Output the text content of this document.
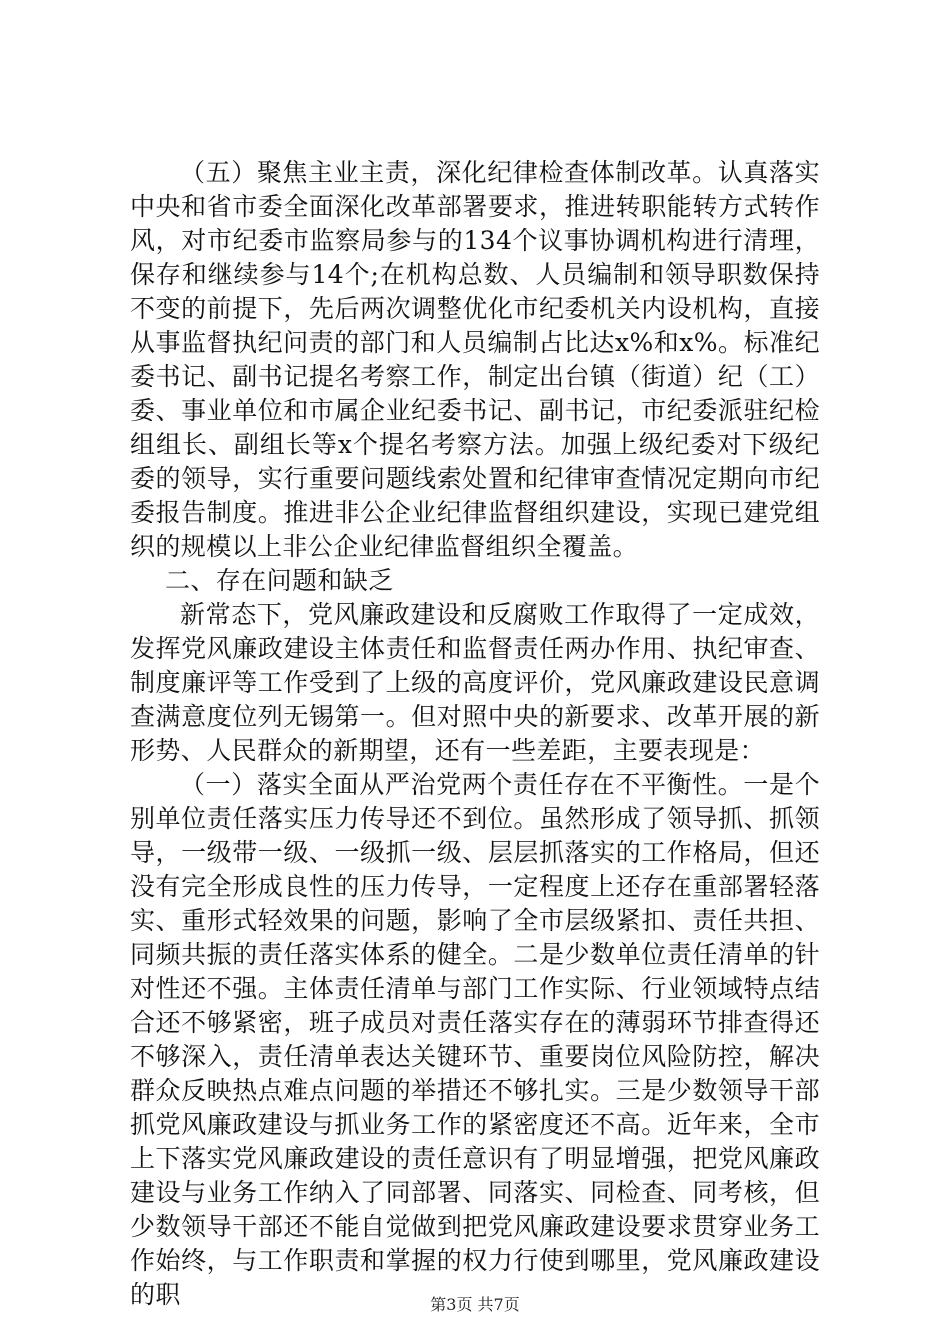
（五）聚焦主业主责，深化纪律检查体制改革。认真落实中央和省市委全面深化改革部署要求，推进转职能转方式转作风，对市纪委市监察局参与的134个议事协调机构进行清理，保存和继续参与14个;在机构总数、人员编制和领导职数保持不变的前提下，先后两次调整优化市纪委机关内设机构，直接从事监督执纪问责的部门和人员编制占比达x%和x%。标准纪委书记、副书记提名考察工作，制定出台镇（街道）纪（工）委、事业单位和市属企业纪委书记、副书记，市纪委派驻纪检组组长、副组长等x个提名考察方法。加强上级纪委对下级纪委的领导，实行重要问题线索处置和纪律审查情况定期向市纪委报告制度。推进非公企业纪律监督组织建设，实现已建党组织的规模以上非公企业纪律监督组织全覆盖。

二、存在问题和缺乏

新常态下，党风廉政建设和反腐败工作取得了一定成效，发挥党风廉政建设主体责任和监督责任两办作用、执纪审查、制度廉评等工作受到了上级的高度评价，党风廉政建设民意调查满意度位列无锡第一。但对照中央的新要求、改革开展的新形势、人民群众的新期望，还有一些差距，主要表现是：

（一）落实全面从严治党两个责任存在不平衡性。一是个别单位责任落实压力传导还不到位。虽然形成了领导抓、抓领导，一级带一级、一级抓一级、层层抓落实的工作格局，但还没有完全形成良性的压力传导，一定程度上还存在重部署轻落实、重形式轻效果的问题，影响了全市层级紧扣、责任共担、同频共振的责任落实体系的健全。二是少数单位责任清单的针对性还不强。主体责任清单与部门工作实际、行业领域特点结合还不够紧密，班子成员对责任落实存在的薄弱环节排查得还不够深入，责任清单表达关键环节、重要岗位风险防控，解决群众反映热点难点问题的举措还不够扎实。三是少数领导干部抓党风廉政建设与抓业务工作的紧密度还不高。近年来，全市上下落实党风廉政建设的责任意识有了明显增强，把党风廉政建设与业务工作纳入了同部署、同落实、同检查、同考核，但少数领导干部还不能自觉做到把党风廉政建设要求贯穿业务工作始终，与工作职责和掌握的权力行使到哪里，党风廉政建设的职	第3页 共7页
